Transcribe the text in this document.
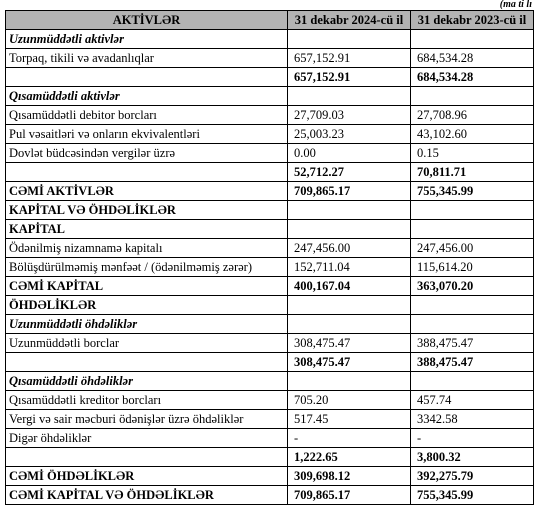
(ma ti lı
AKTİVLƏR	31 dekabr 2024-cü il	31 dekabr 2023-cü il
Uzunmüddətli aktivlər		
Torpaq, tikili və avadanlıqlar	657,152.91	684,534.28
	657,152.91	684,534.28
Qısamüddətli aktivlər		
Qısamüddətli debitor borcları	27,709.03	27,708.96
Pul vəsaitləri və onların ekvivalentləri	25,003.23	43,102.60
Dovlət büdcəsindən vergilər üzrə	0.00	0.15
	52,712.27	70,811.71
CƏMİ AKTİVLƏR	709,865.17	755,345.99
KAPİTAL VƏ ÖHDƏLİKLƏR		
KAPİTAL		
Ödənilmiş nizamnamə kapitalı	247,456.00	247,456.00
Bölüşdürülməmiş mənfəət / (ödənilməmiş zərər)	152,711.04	115,614.20
CƏMİ KAPİTAL	400,167.04	363,070.20
ÖHDƏLİKLƏR		
Uzunmüddətli öhdəliklər		
Uzunmüddətli borclar	308,475.47	388,475.47
	308,475.47	388,475.47
Qısamüddətli öhdəliklər		
Qısamüddətli kreditor borcları	705.20	457.74
Vergi və sair məcburi ödənişlər üzrə öhdəliklər	517.45	3342.58
Digər öhdəliklər	-	-
	1,222.65	3,800.32
CƏMİ ÖHDƏLİKLƏR	309,698.12	392,275.79
CƏMİ KAPİTAL VƏ ÖHDƏLİKLƏR	709,865.17	755,345.99
